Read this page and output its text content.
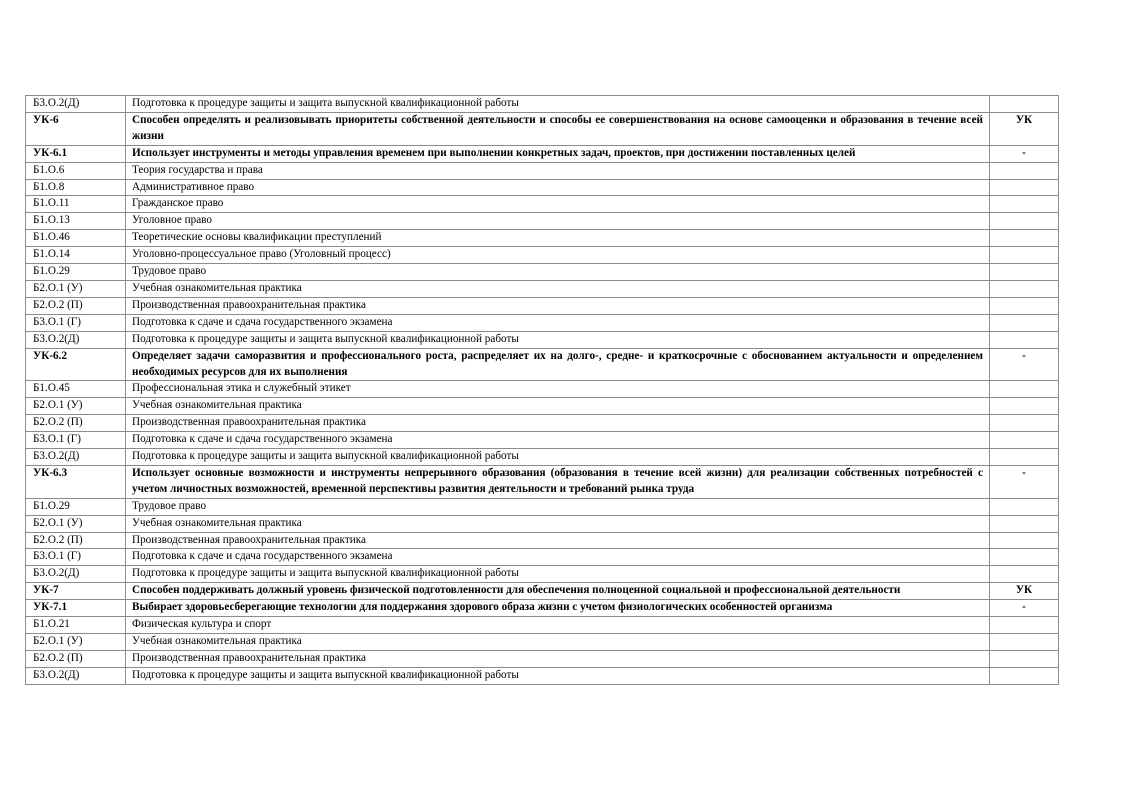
Б3.О.2(Д)	Подготовка к процедуре защиты и защита выпускной квалификационной работы	
УК-6	Способен определять и реализовывать приоритеты собственной деятельности и способы ее совершенствования на основе самооценки и образования в течение всей жизни	УК
УК-6.1	Использует инструменты и методы управления временем при выполнении конкретных задач, проектов, при достижении поставленных целей	-
Б1.О.6	Теория государства и права	
Б1.О.8	Административное право	
Б1.О.11	Гражданское право	
Б1.О.13	Уголовное право	
Б1.О.46	Теоретические основы квалификации преступлений	
Б1.О.14	Уголовно-процессуальное право (Уголовный процесс)	
Б1.О.29	Трудовое право	
Б2.О.1 (У)	Учебная ознакомительная практика	
Б2.О.2 (П)	Производственная правоохранительная практика	
Б3.О.1 (Г)	Подготовка к сдаче и сдача государственного экзамена	
Б3.О.2(Д)	Подготовка к процедуре защиты и защита выпускной квалификационной работы	
УК-6.2	Определяет задачи саморазвития и профессионального роста, распределяет их на долго-, средне- и краткосрочные с обоснованием актуальности и определением необходимых ресурсов для их выполнения	-
Б1.О.45	Профессиональная этика и служебный этикет	
Б2.О.1 (У)	Учебная ознакомительная практика	
Б2.О.2 (П)	Производственная правоохранительная практика	
Б3.О.1 (Г)	Подготовка к сдаче и сдача государственного экзамена	
Б3.О.2(Д)	Подготовка к процедуре защиты и защита выпускной квалификационной работы	
УК-6.3	Использует основные возможности и инструменты непрерывного образования (образования в течение всей жизни) для реализации собственных потребностей с учетом личностных возможностей, временной перспективы развития деятельности и требований рынка труда	-
Б1.О.29	Трудовое право	
Б2.О.1 (У)	Учебная ознакомительная практика	
Б2.О.2 (П)	Производственная правоохранительная практика	
Б3.О.1 (Г)	Подготовка к сдаче и сдача государственного экзамена	
Б3.О.2(Д)	Подготовка к процедуре защиты и защита выпускной квалификационной работы	
УК-7	Способен поддерживать должный уровень физической подготовленности для обеспечения полноценной социальной и профессиональной деятельности	УК
УК-7.1	Выбирает здоровьесберегающие технологии для поддержания здорового образа жизни с учетом физиологических особенностей организма	-
Б1.О.21	Физическая культура и спорт	
Б2.О.1 (У)	Учебная ознакомительная практика	
Б2.О.2 (П)	Производственная правоохранительная практика	
Б3.О.2(Д)	Подготовка к процедуре защиты и защита выпускной квалификационной работы	
